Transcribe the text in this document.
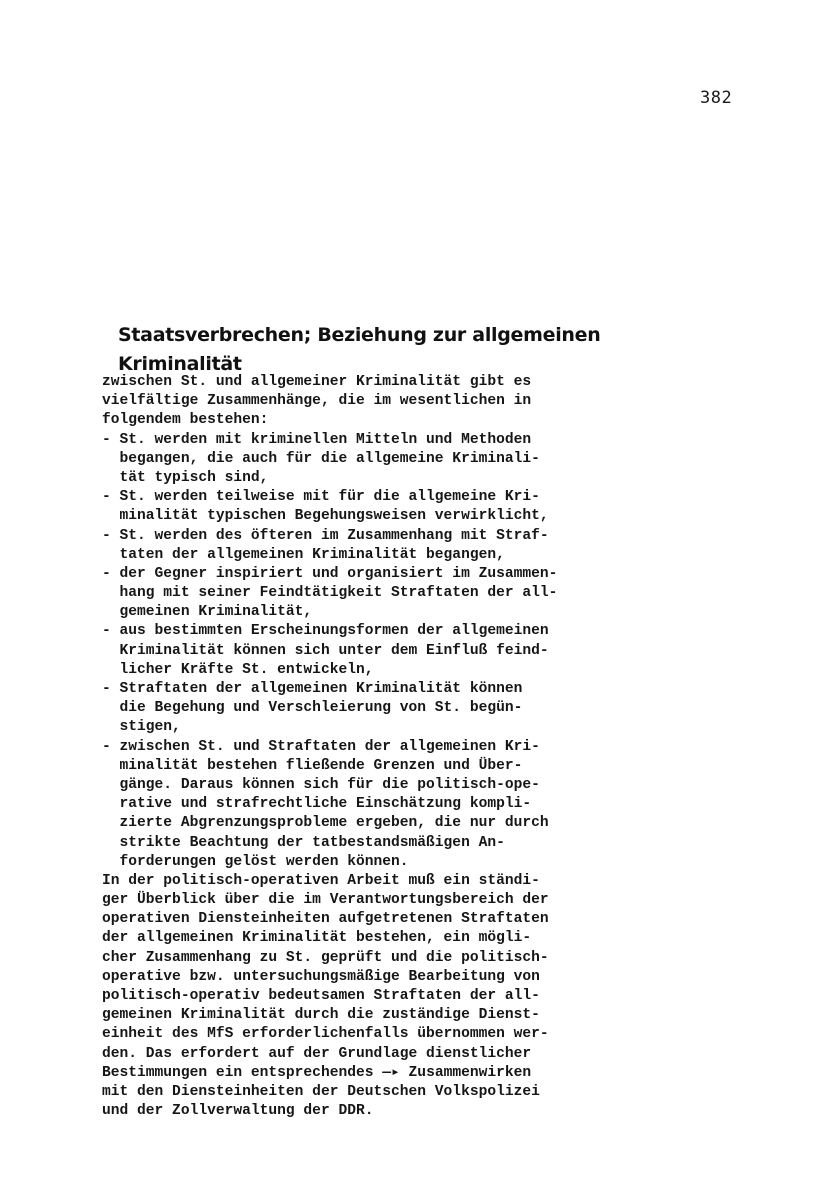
382
Staatsverbrechen; Beziehung zur allgemeinen
Kriminalität
zwischen St. und allgemeiner Kriminalität gibt es
vielfältige Zusammenhänge, die im wesentlichen in
folgendem bestehen:
- St. werden mit kriminellen Mitteln und Methoden
begangen, die auch für die allgemeine Kriminali-
tät typisch sind,
- St. werden teilweise mit für die allgemeine Kri-
minalität typischen Begehungsweisen verwirklicht,
- St. werden des öfteren im Zusammenhang mit Straf-
taten der allgemeinen Kriminalität begangen,
- der Gegner inspiriert und organisiert im Zusammen-
hang mit seiner Feindtätigkeit Straftaten der all-
gemeinen Kriminalität,
- aus bestimmten Erscheinungsformen der allgemeinen
Kriminalität können sich unter dem Einfluß feind-
licher Kräfte St. entwickeln,
- Straftaten der allgemeinen Kriminalität können
die Begehung und Verschleierung von St. begün-
stigen,
- zwischen St. und Straftaten der allgemeinen Kri-
minalität bestehen fließende Grenzen und Über-
gänge. Daraus können sich für die politisch-ope-
rative und strafrechtliche Einschätzung kompli-
zierte Abgrenzungsprobleme ergeben, die nur durch
strikte Beachtung der tatbestandsmäßigen An-
forderungen gelöst werden können.
In der politisch-operativen Arbeit muß ein ständi-
ger Überblick über die im Verantwortungsbereich der
operativen Diensteinheiten aufgetretenen Straftaten
der allgemeinen Kriminalität bestehen, ein mögli-
cher Zusammenhang zu St. geprüft und die politisch-
operative bzw. untersuchungsmäßige Bearbeitung von
politisch-operativ bedeutsamen Straftaten der all-
gemeinen Kriminalität durch die zuständige Dienst-
einheit des MfS erforderlichenfalls übernommen wer-
den. Das erfordert auf der Grundlage dienstlicher
Bestimmungen ein entsprechendes —▸ Zusammenwirken
mit den Diensteinheiten der Deutschen Volkspolizei
und der Zollverwaltung der DDR.
